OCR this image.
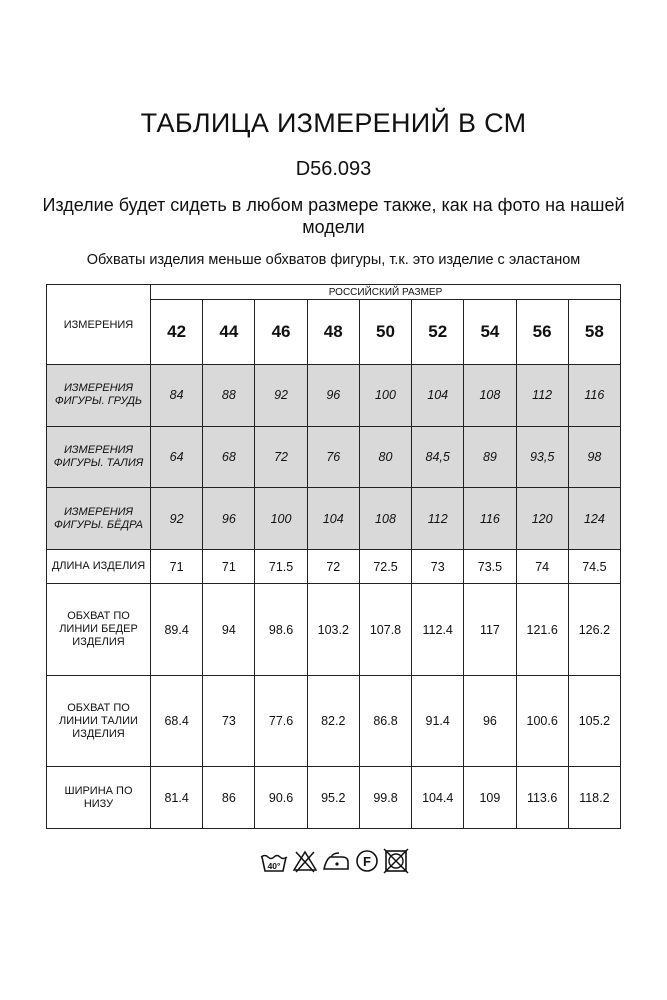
ТАБЛИЦА ИЗМЕРЕНИЙ В СМ
D56.093
Изделие будет сидеть в любом размере также, как на фото на нашей модели
Обхваты изделия меньше обхватов фигуры, т.к. это изделие с эластаном
ИЗМЕРЕНИЯ	РОССИЙСКИЙ РАЗМЕР								
	42	44	46	48	50	52	54	56	58
ИЗМЕРЕНИЯ ФИГУРЫ. ГРУДЬ	84	88	92	96	100	104	108	112	116
ИЗМЕРЕНИЯ ФИГУРЫ. ТАЛИЯ	64	68	72	76	80	84,5	89	93,5	98
ИЗМЕРЕНИЯ ФИГУРЫ. БЁДРА	92	96	100	104	108	112	116	120	124
ДЛИНА ИЗДЕЛИЯ	71	71	71.5	72	72.5	73	73.5	74	74.5
ОБХВАТ ПО ЛИНИИ БЕДЕР ИЗДЕЛИЯ	89.4	94	98.6	103.2	107.8	112.4	117	121.6	126.2
ОБХВАТ ПО ЛИНИИ ТАЛИИ ИЗДЕЛИЯ	68.4	73	77.6	82.2	86.8	91.4	96	100.6	105.2
ШИРИНА ПО НИЗУ	81.4	86	90.6	95.2	99.8	104.4	109	113.6	118.2
40°	F
